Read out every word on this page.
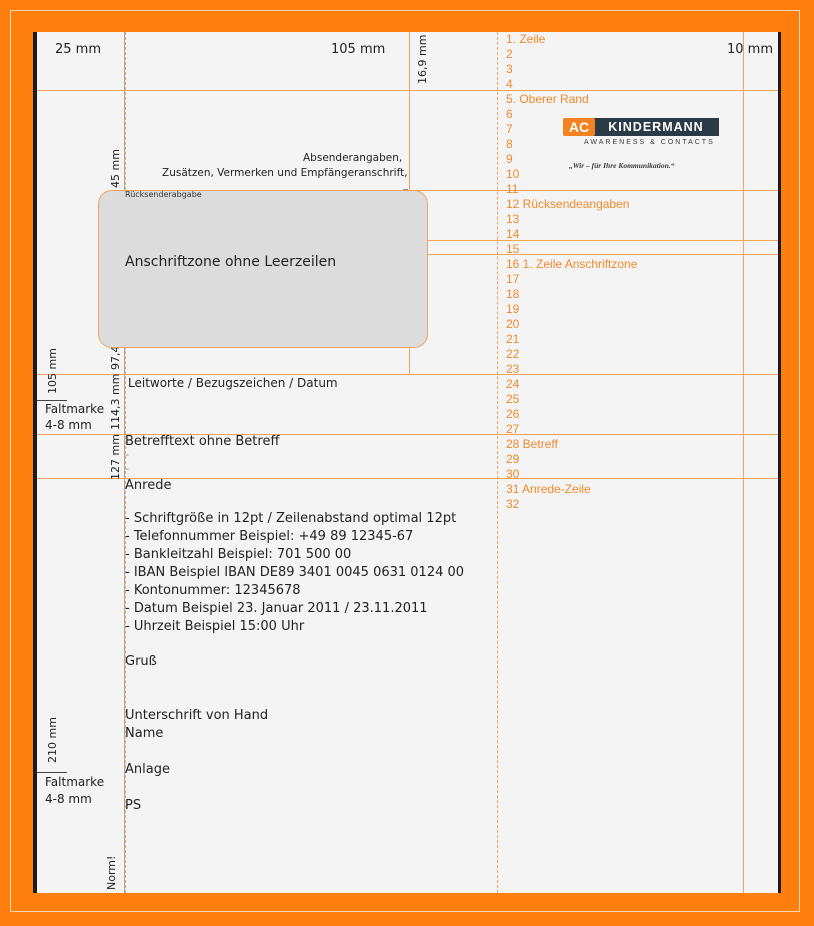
25 mm	105 mm	10 mm
16,9 mm
45 mm
105 mm
114,3 mm
127 mm
210 mm
Norm!
Faltmarke
4-8 mm
Faltmarke
4-8 mm
Absenderangaben,
Zusätzen, Vermerken und Empfängeranschrift,
Rücksenderabgabe
Anschriftzone ohne Leerzeilen
Leitworte / Bezugszeichen / Datum
Betrefftext ohne Betreff
-
-
Anrede
- Schriftgröße in 12pt / Zeilenabstand optimal 12pt
- Telefonnummer Beispiel: +49 89 12345-67
- Bankleitzahl Beispiel: 701 500 00
- IBAN Beispiel IBAN DE89 3401 0045 0631 0124 00
- Kontonummer: 12345678
- Datum Beispiel 23. Januar 2011 / 23.11.2011
- Uhrzeit Beispiel 15:00 Uhr
Gruß
Unterschrift von Hand
Name
Anlage
PS
1. Zeile
2
3
4
5. Oberer Rand
6
7
8
9
10
11
12 Rücksendeangaben
13
14
15
16 1. Zeile Anschriftzone
17
18
19
20
21
22
23
24
25
26
27
28 Betreff
29
30
31 Anrede-Zeile
32
KINDERMANN
AC
AWARENESS & CONTACTS
„Wir – für Ihre Kommunikation.“
